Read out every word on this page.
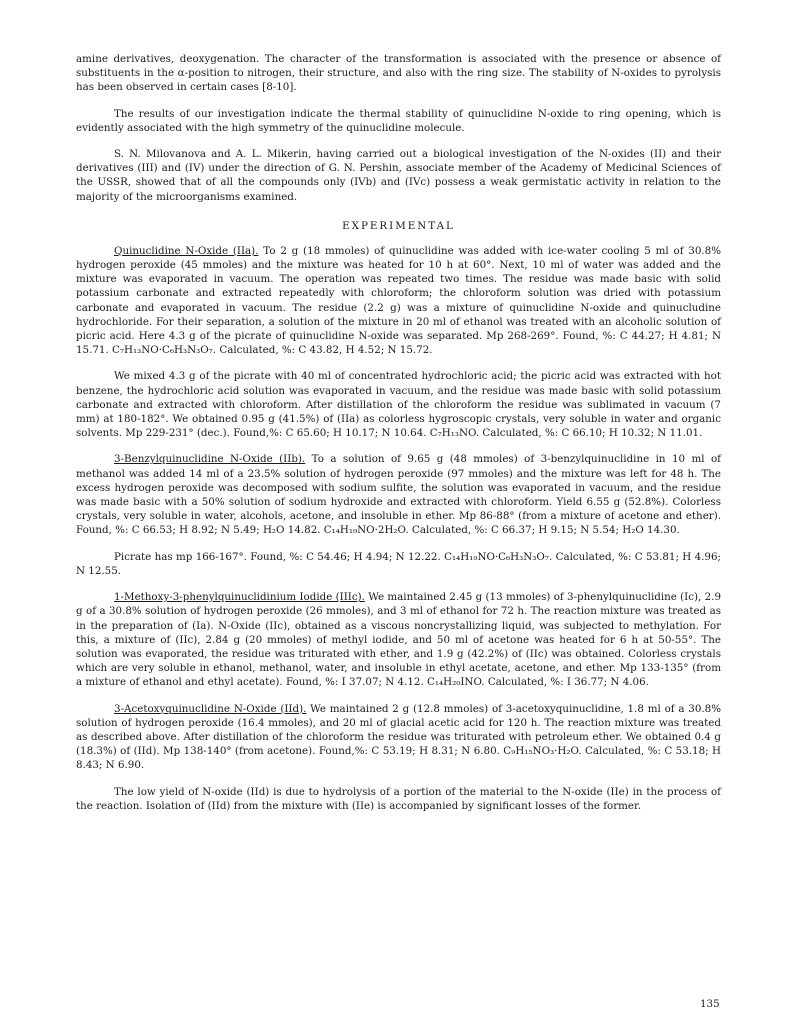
amine derivatives, deoxygenation. The character of the transformation is associated with the presence or absence of substituents in the α-position to nitrogen, their structure, and also with the ring size. The stability of N-oxides to pyrolysis has been observed in certain cases [8-10].

The results of our investigation indicate the thermal stability of quinuclidine N-oxide to ring opening, which is evidently associated with the high symmetry of the quinuclidine molecule.

S. N. Milovanova and A. L. Mikerin, having carried out a biological investigation of the N-oxides (II) and their derivatives (III) and (IV) under the direction of G. N. Pershin, associate member of the Academy of Medicinal Sciences of the USSR, showed that of all the compounds only (IVb) and (IVc) possess a weak germistatic activity in relation to the majority of the microorganisms examined.

EXPERIMENTAL

Quinuclidine N-Oxide (IIa). To 2 g (18 mmoles) of quinuclidine was added with ice-water cooling 5 ml of 30.8% hydrogen peroxide (45 mmoles) and the mixture was heated for 10 h at 60°. Next, 10 ml of water was added and the mixture was evaporated in vacuum. The operation was repeated two times. The residue was made basic with solid potassium carbonate and extracted repeatedly with chloroform; the chloroform solution was dried with potassium carbonate and evaporated in vacuum. The residue (2.2 g) was a mixture of quinuclidine N-oxide and quinucludine hydrochloride. For their separation, a solution of the mixture in 20 ml of ethanol was treated with an alcoholic solution of picric acid. Here 4.3 g of the picrate of quinuclidine N-oxide was separated. Mp 268-269°. Found, %: C 44.27; H 4.81; N 15.71. C₇H₁₃NO·C₆H₃N₃O₇. Calculated, %: C 43.82, H 4.52; N 15.72.

We mixed 4.3 g of the picrate with 40 ml of concentrated hydrochloric acid; the picric acid was extracted with hot benzene, the hydrochloric acid solution was evaporated in vacuum, and the residue was made basic with solid potassium carbonate and extracted with chloroform. After distillation of the chloroform the residue was sublimated in vacuum (7 mm) at 180-182°. We obtained 0.95 g (41.5%) of (IIa) as colorless hygroscopic crystals, very soluble in water and organic solvents. Mp 229-231° (dec.). Found,%: C 65.60; H 10.17; N 10.64. C₇H₁₃NO. Calculated, %: C 66.10; H 10.32; N 11.01.

3-Benzylquinuclidine N-Oxide (IIb). To a solution of 9.65 g (48 mmoles) of 3-benzylquinuclidine in 10 ml of methanol was added 14 ml of a 23.5% solution of hydrogen peroxide (97 mmoles) and the mixture was left for 48 h. The excess hydrogen peroxide was decomposed with sodium sulfite, the solution was evaporated in vacuum, and the residue was made basic with a 50% solution of sodium hydroxide and extracted with chloroform. Yield 6.55 g (52.8%). Colorless crystals, very soluble in water, alcohols, acetone, and insoluble in ether. Mp 86-88° (from a mixture of acetone and ether). Found, %: C 66.53; H 8.92; N 5.49; H₂O 14.82. C₁₄H₁₉NO·2H₂O. Calculated, %: C 66.37; H 9.15; N 5.54; H₂O 14.30.

Picrate has mp 166-167°. Found, %: C 54.46; H 4.94; N 12.22. C₁₄H₁₉NO·C₆H₃N₃O₇. Calculated, %: C 53.81; H 4.96; N 12.55.

1-Methoxy-3-phenylquinuclidinium Iodide (IIIc). We maintained 2.45 g (13 mmoles) of 3-phenylquinuclidine (Ic), 2.9 g of a 30.8% solution of hydrogen peroxide (26 mmoles), and 3 ml of ethanol for 72 h. The reaction mixture was treated as in the preparation of (Ia). N-Oxide (IIc), obtained as a viscous noncrystallizing liquid, was subjected to methylation. For this, a mixture of (IIc), 2.84 g (20 mmoles) of methyl iodide, and 50 ml of acetone was heated for 6 h at 50-55°. The solution was evaporated, the residue was triturated with ether, and 1.9 g (42.2%) of (IIc) was obtained. Colorless crystals which are very soluble in ethanol, methanol, water, and insoluble in ethyl acetate, acetone, and ether. Mp 133-135° (from a mixture of ethanol and ethyl acetate). Found, %: I 37.07; N 4.12. C₁₄H₂₀INO. Calculated, %: I 36.77; N 4.06.

3-Acetoxyquinuclidine N-Oxide (IId). We maintained 2 g (12.8 mmoles) of 3-acetoxyquinuclidine, 1.8 ml of a 30.8% solution of hydrogen peroxide (16.4 mmoles), and 20 ml of glacial acetic acid for 120 h. The reaction mixture was treated as described above. After distillation of the chloroform the residue was triturated with petroleum ether. We obtained 0.4 g (18.3%) of (IId). Mp 138-140° (from acetone). Found,%: C 53.19; H 8.31; N 6.80. C₉H₁₅NO₃·H₂O. Calculated, %: C 53.18; H 8.43; N 6.90.

The low yield of N-oxide (IId) is due to hydrolysis of a portion of the material to the N-oxide (IIe) in the process of the reaction. Isolation of (IId) from the mixture with (IIe) is accompanied by significant losses of the former.

135
